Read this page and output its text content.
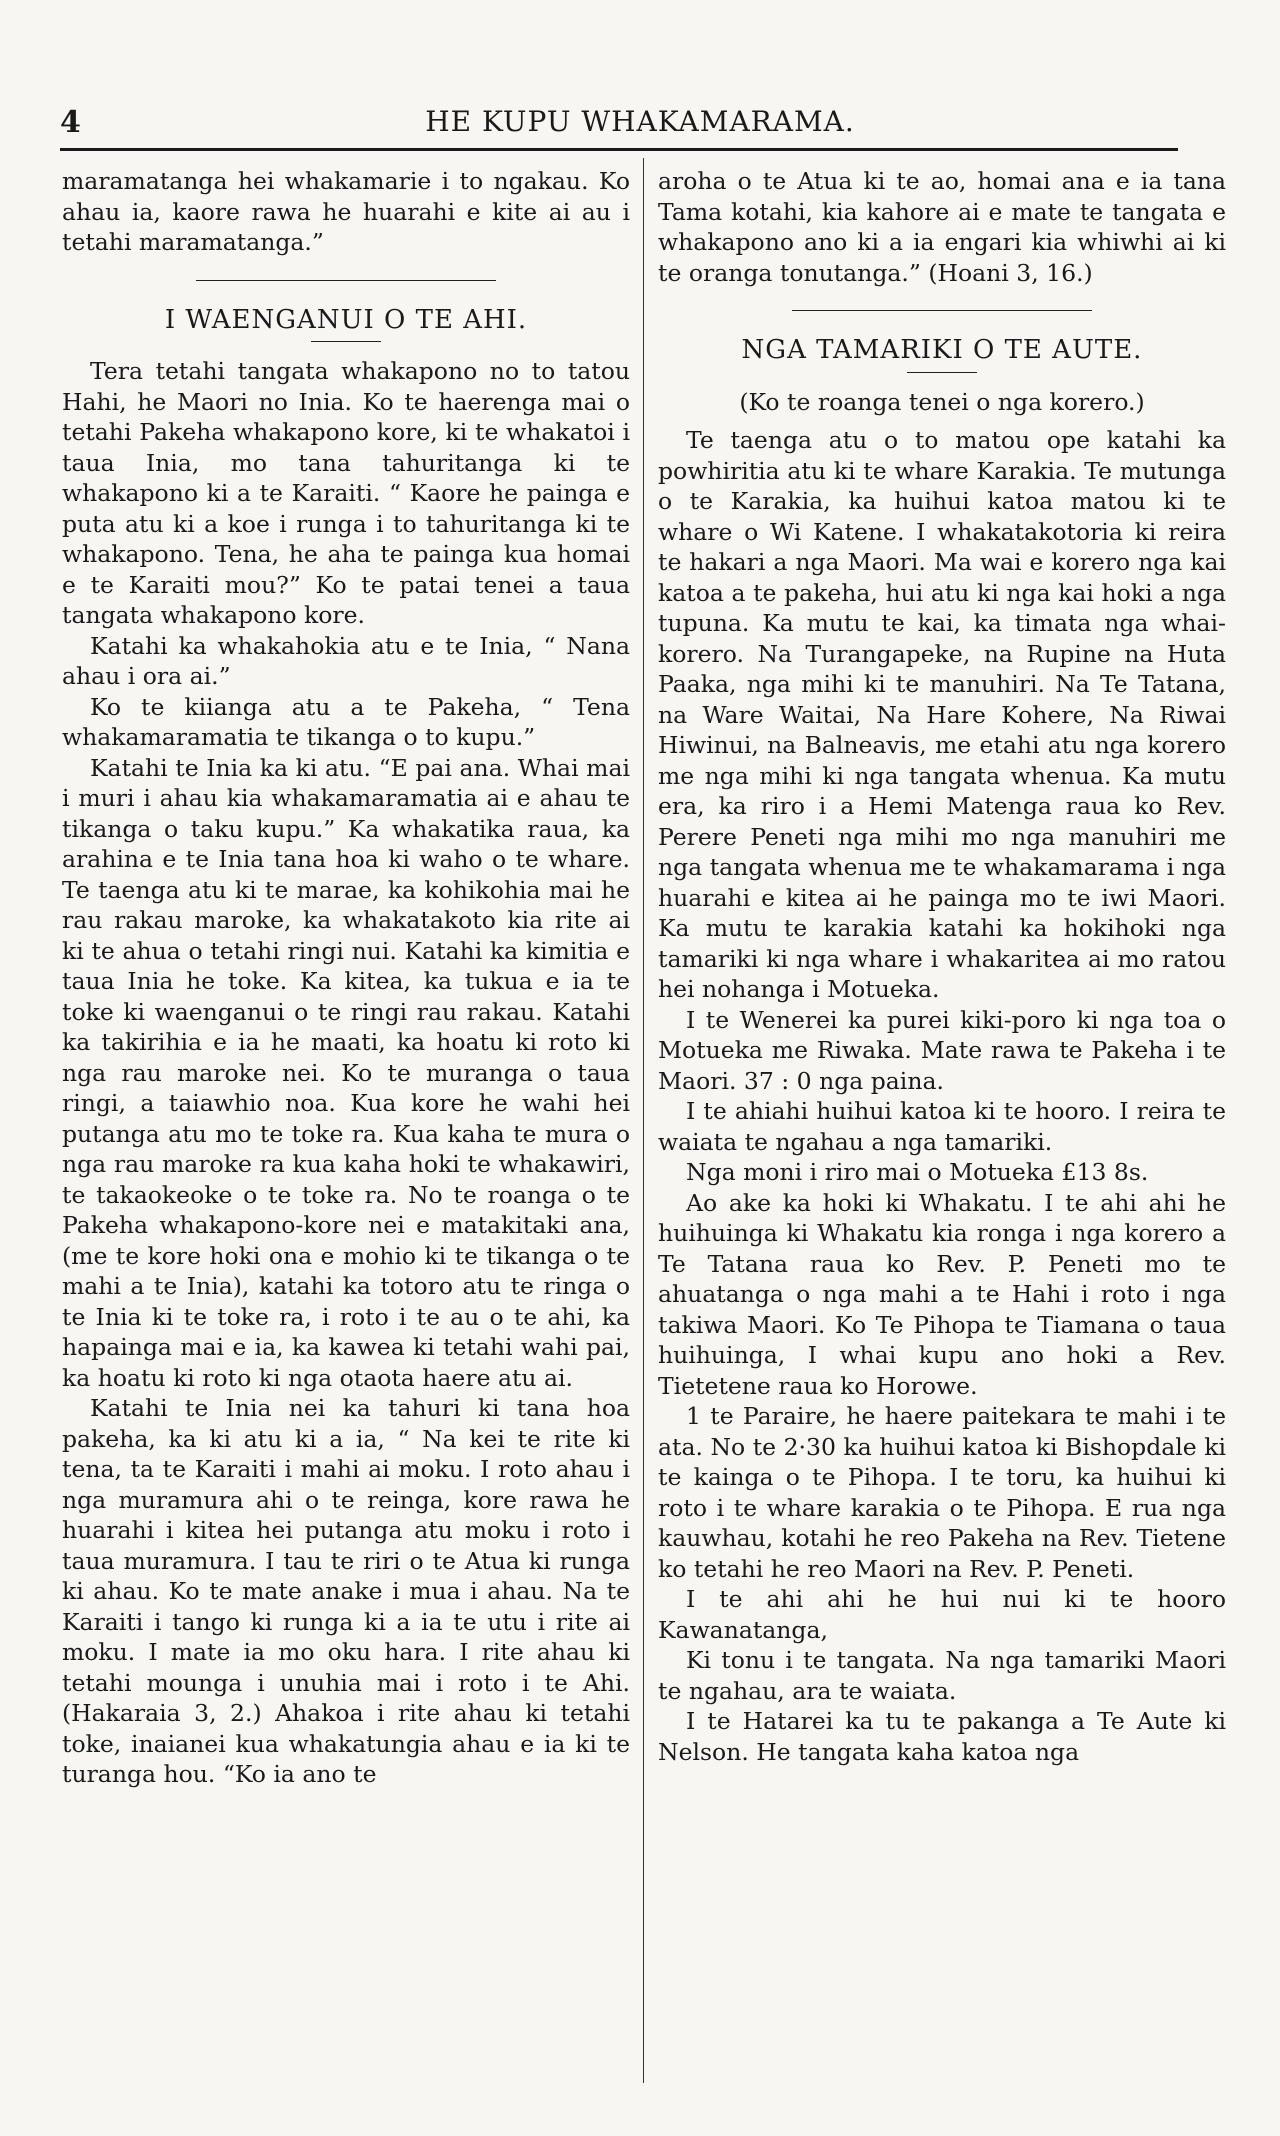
4	HE KUPU WHAKAMARAMA.

maramatanga hei whakamarie i to ngakau. Ko ahau ia, kaore rawa he huarahi e kite ai au i tetahi maramatanga.”

I WAENGANUI O TE AHI.

Tera tetahi tangata whakapono no to tatou Hahi, he Maori no Inia. Ko te haerenga mai o tetahi Pakeha whakapono kore, ki te whakatoi i taua Inia, mo tana tahuritanga ki te whakapono ki a te Karaiti. “ Kaore he painga e puta atu ki a koe i runga i to tahuritanga ki te whakapono. Tena, he aha te painga kua homai e te Karaiti mou?” Ko te patai tenei a taua tangata whakapono kore.

Katahi ka whakahokia atu e te Inia, “ Nana ahau i ora ai.”

Ko te kiianga atu a te Pakeha, “ Tena whakamaramatia te tikanga o to kupu.”

Katahi te Inia ka ki atu. “E pai ana. Whai mai i muri i ahau kia whakamaramatia ai e ahau te tikanga o taku kupu.” Ka whakatika raua, ka arahina e te Inia tana hoa ki waho o te whare. Te taenga atu ki te marae, ka kohikohia mai he rau rakau maroke, ka whakatakoto kia rite ai ki te ahua o tetahi ringi nui. Katahi ka kimitia e taua Inia he toke. Ka kitea, ka tukua e ia te toke ki waenganui o te ringi rau rakau. Katahi ka takirihia e ia he maati, ka hoatu ki roto ki nga rau maroke nei. Ko te muranga o taua ringi, a taiawhio noa. Kua kore he wahi hei putanga atu mo te toke ra. Kua kaha te mura o nga rau maroke ra kua kaha hoki te whakawiri, te takaokeoke o te toke ra. No te roanga o te Pakeha whakapono-kore nei e matakitaki ana, (me te kore hoki ona e mohio ki te tikanga o te mahi a te Inia), katahi ka totoro atu te ringa o te Inia ki te toke ra, i roto i te au o te ahi, ka hapainga mai e ia, ka kawea ki tetahi wahi pai, ka hoatu ki roto ki nga otaota haere atu ai.

Katahi te Inia nei ka tahuri ki tana hoa pakeha, ka ki atu ki a ia, “ Na kei te rite ki tena, ta te Karaiti i mahi ai moku. I roto ahau i nga muramura ahi o te reinga, kore rawa he huarahi i kitea hei putanga atu moku i roto i taua muramura. I tau te riri o te Atua ki runga ki ahau. Ko te mate anake i mua i ahau. Na te Karaiti i tango ki runga ki a ia te utu i rite ai moku. I mate ia mo oku hara. I rite ahau ki tetahi mounga i unuhia mai i roto i te Ahi. (Hakaraia 3, 2.) Ahakoa i rite ahau ki tetahi toke, inaianei kua whakatungia ahau e ia ki te turanga hou. “Ko ia ano te

aroha o te Atua ki te ao, homai ana e ia tana Tama kotahi, kia kahore ai e mate te tangata e whakapono ano ki a ia engari kia whiwhi ai ki te oranga tonutanga.” (Hoani 3, 16.)

NGA TAMARIKI O TE AUTE.
(Ko te roanga tenei o nga korero.)

Te taenga atu o to matou ope katahi ka powhiritia atu ki te whare Karakia. Te mutunga o te Karakia, ka huihui katoa matou ki te whare o Wi Katene. I whakatakotoria ki reira te hakari a nga Maori. Ma wai e korero nga kai katoa a te pakeha, hui atu ki nga kai hoki a nga tupuna. Ka mutu te kai, ka timata nga whai-korero. Na Turangapeke, na Rupine na Huta Paaka, nga mihi ki te manuhiri. Na Te Tatana, na Ware Waitai, Na Hare Kohere, Na Riwai Hiwinui, na Balneavis, me etahi atu nga korero me nga mihi ki nga tangata whenua. Ka mutu era, ka riro i a Hemi Matenga raua ko Rev. Perere Peneti nga mihi mo nga manuhiri me nga tangata whenua me te whakamarama i nga huarahi e kitea ai he painga mo te iwi Maori. Ka mutu te karakia katahi ka hokihoki nga tamariki ki nga whare i whakaritea ai mo ratou hei nohanga i Motueka.

I te Wenerei ka purei kiki-poro ki nga toa o Motueka me Riwaka. Mate rawa te Pakeha i te Maori. 37 : 0 nga paina.

I te ahiahi huihui katoa ki te hooro. I reira te waiata te ngahau a nga tamariki.

Nga moni i riro mai o Motueka £13 8s.

Ao ake ka hoki ki Whakatu. I te ahi ahi he huihuinga ki Whakatu kia ronga i nga korero a Te Tatana raua ko Rev. P. Peneti mo te ahuatanga o nga mahi a te Hahi i roto i nga takiwa Maori. Ko Te Pihopa te Tiamana o taua huihuinga, I whai kupu ano hoki a Rev. Tietetene raua ko Horowe.

1 te Paraire, he haere paitekara te mahi i te ata. No te 2·30 ka huihui katoa ki Bishopdale ki te kainga o te Pihopa. I te toru, ka huihui ki roto i te whare karakia o te Pihopa. E rua nga kauwhau, kotahi he reo Pakeha na Rev. Tietene ko tetahi he reo Maori na Rev. P. Peneti.

I te ahi ahi he hui nui ki te hooro Kawanatanga,

Ki tonu i te tangata. Na nga tamariki Maori te ngahau, ara te waiata.

I te Hatarei ka tu te pakanga a Te Aute ki Nelson. He tangata kaha katoa nga
